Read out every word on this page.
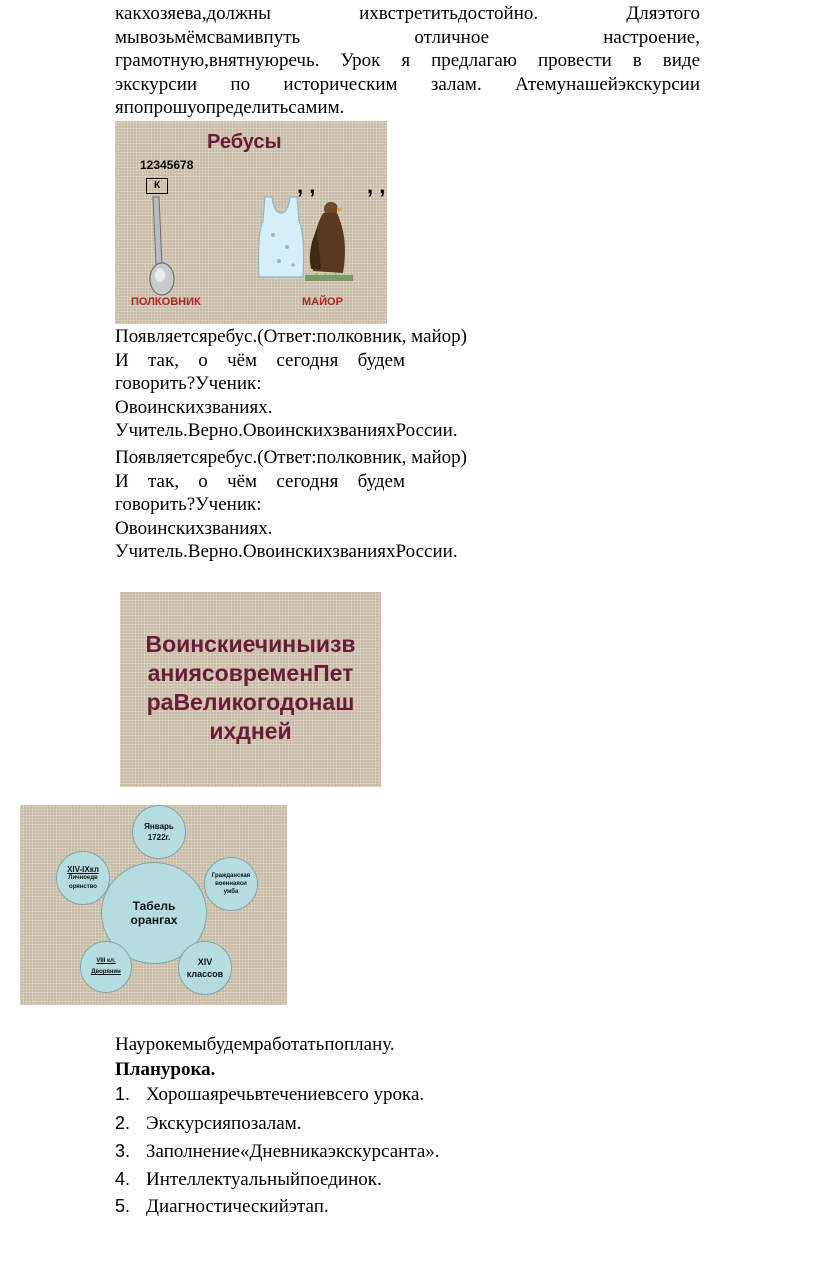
какхозяева,должны ихвстретитьдостойно. Дляэтого
мывозьмёмсвамивпуть отличное настроение,
грамотную,внятнуюречь. Урок я предлагаю провести в виде
экскурсии по историческим залам. Атемунашейэкскурсии
япопрошуопределитьсамим.
Ребусы
12345678
К	, , , ,
ПОЛКОВНИК	МАЙОР
Появляетсяребус.(Ответ:полковник, майор)
И так, о чём сегодня будем
говорить?Ученик:
Овоинскихзваниях.
Учитель.Верно.ОвоинскихзванияхРоссии.
Появляетсяребус.(Ответ:полковник, майор)
И так, о чём сегодня будем
говорить?Ученик:
Овоинскихзваниях.
Учитель.Верно.ОвоинскихзванияхРоссии.
Воинскиечиныизв
аниясовременПет
раВеликогодонаш
ихдней
Табель
орангах
Январь
1722г.
Гражданская
военнаяси
ужба
XIV
классов
VIII кл.
Дворянин
XIV-IXкл
Личноедв
орянство
Наурокемыбудемработатьпоплану.
Планурока.
1. Хорошаяречьвтечениевсего урока.
2. Экскурсияпозалам.
3. Заполнение«Дневникаэкскурсанта».
4. Интеллектуальныйпоединок.
5. Диагностическийэтап.
